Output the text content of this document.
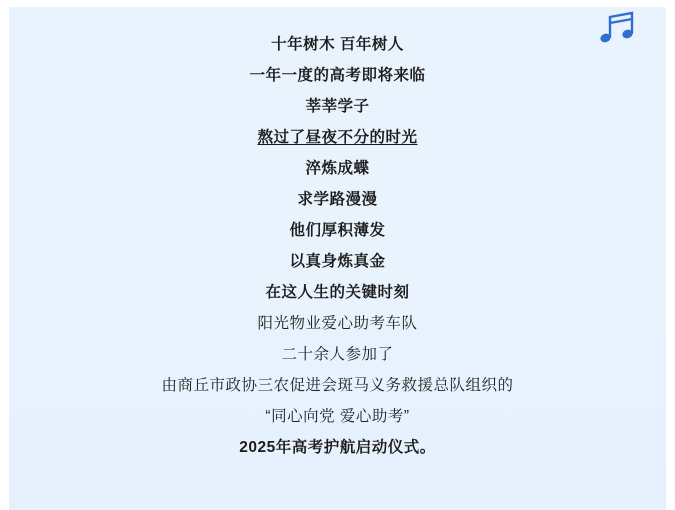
十年树木 百年树人
一年一度的高考即将来临
莘莘学子
熬过了昼夜不分的时光
淬炼成蝶
求学路漫漫
他们厚积薄发
以真身炼真金
在这人生的关键时刻
阳光物业爱心助考车队
二十余人参加了
由商丘市政协三农促进会斑马义务救援总队组织的
“同心向党 爱心助考”
2025年高考护航启动仪式。
